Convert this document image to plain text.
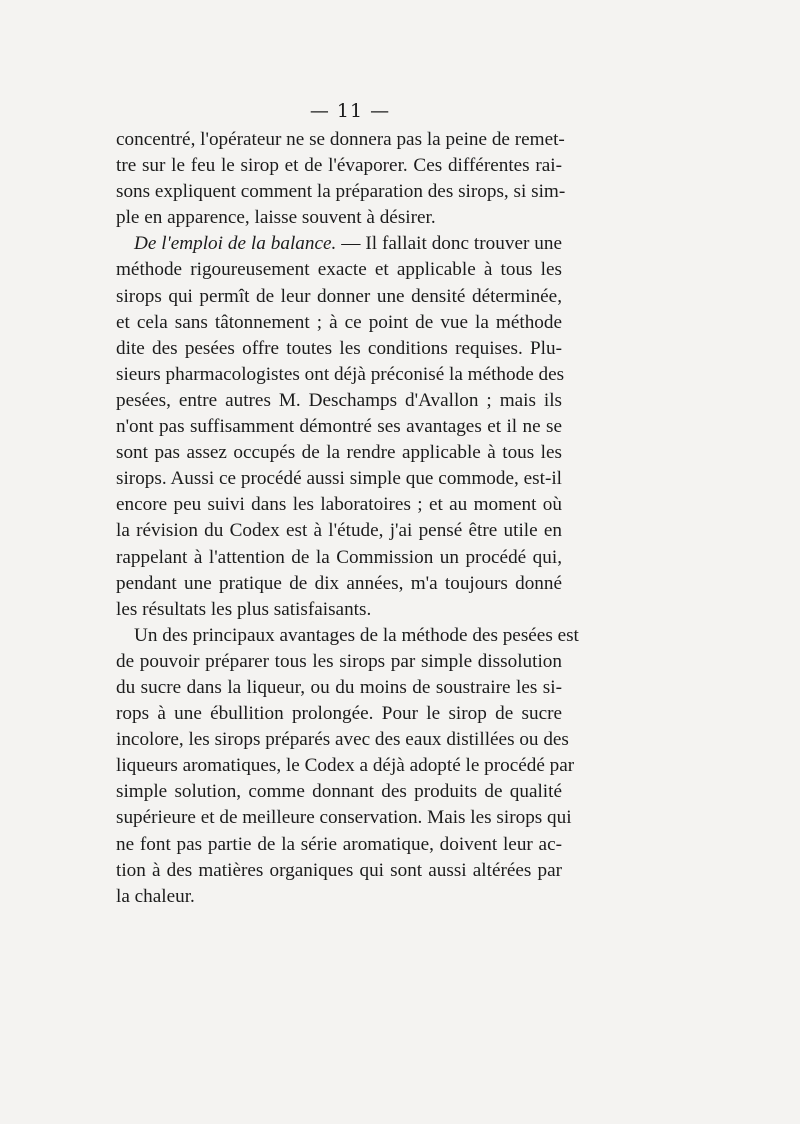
— 11 —
concentré, l'opérateur ne se donnera pas la peine de remet-
tre sur le feu le sirop et de l'évaporer. Ces différentes rai-
sons expliquent comment la préparation des sirops, si sim-
ple en apparence, laisse souvent à désirer.
De l'emploi de la balance. — Il fallait donc trouver une
méthode rigoureusement exacte et applicable à tous les
sirops qui permît de leur donner une densité déterminée,
et cela sans tâtonnement ; à ce point de vue la méthode
dite des pesées offre toutes les conditions requises. Plu-
sieurs pharmacologistes ont déjà préconisé la méthode des
pesées, entre autres M. Deschamps d'Avallon ; mais ils
n'ont pas suffisamment démontré ses avantages et il ne se
sont pas assez occupés de la rendre applicable à tous les
sirops. Aussi ce procédé aussi simple que commode, est-il
encore peu suivi dans les laboratoires ; et au moment où
la révision du Codex est à l'étude, j'ai pensé être utile en
rappelant à l'attention de la Commission un procédé qui,
pendant une pratique de dix années, m'a toujours donné
les résultats les plus satisfaisants.
Un des principaux avantages de la méthode des pesées est
de pouvoir préparer tous les sirops par simple dissolution
du sucre dans la liqueur, ou du moins de soustraire les si-
rops à une ébullition prolongée. Pour le sirop de sucre
incolore, les sirops préparés avec des eaux distillées ou des
liqueurs aromatiques, le Codex a déjà adopté le procédé par
simple solution, comme donnant des produits de qualité
supérieure et de meilleure conservation. Mais les sirops qui
ne font pas partie de la série aromatique, doivent leur ac-
tion à des matières organiques qui sont aussi altérées par
la chaleur.
